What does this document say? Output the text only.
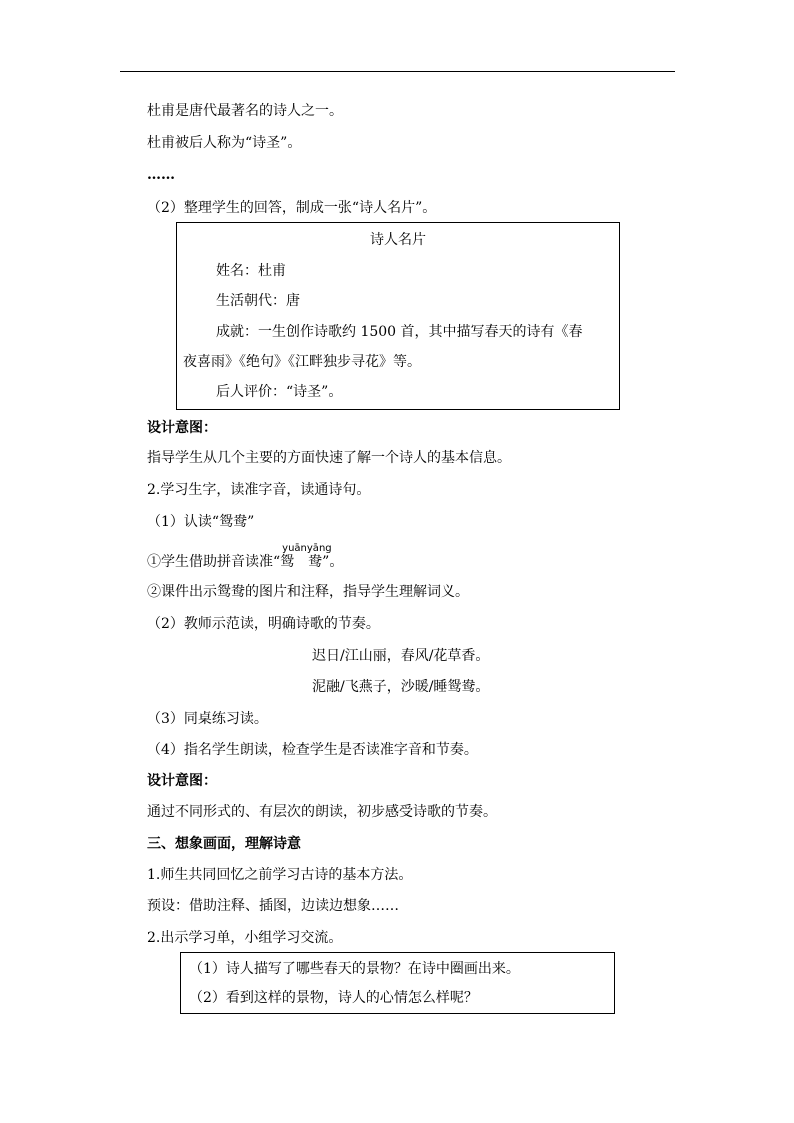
杜甫是唐代最著名的诗人之一。
杜甫被后人称为“诗圣”。
……
（2）整理学生的回答，制成一张“诗人名片”。
诗人名片
姓名：杜甫
生活朝代：唐
成就：一生创作诗歌约 1500 首，其中描写春天的诗有《春
夜喜雨》《绝句》《江畔独步寻花》等。
后人评价：“诗圣”。
设计意图：
指导学生从几个主要的方面快速了解一个诗人的基本信息。
2.学习生字，读准字音，读通诗句。
（1）认读“鸳鸯”
①学生借助拼音读准“
yuānyāng
鸳　鸯”。
②课件出示鸳鸯的图片和注释，指导学生理解词义。
（2）教师示范读，明确诗歌的节奏。
迟日/江山丽，春风/花草香。
泥融/飞燕子，沙暖/睡鸳鸯。
（3）同桌练习读。
（4）指名学生朗读，检查学生是否读准字音和节奏。
设计意图：
通过不同形式的、有层次的朗读，初步感受诗歌的节奏。
三、想象画面，理解诗意
1.师生共同回忆之前学习古诗的基本方法。
预设：借助注释、插图，边读边想象……
2.出示学习单，小组学习交流。
（1）诗人描写了哪些春天的景物？在诗中圈画出来。
（2）看到这样的景物，诗人的心情怎么样呢？
